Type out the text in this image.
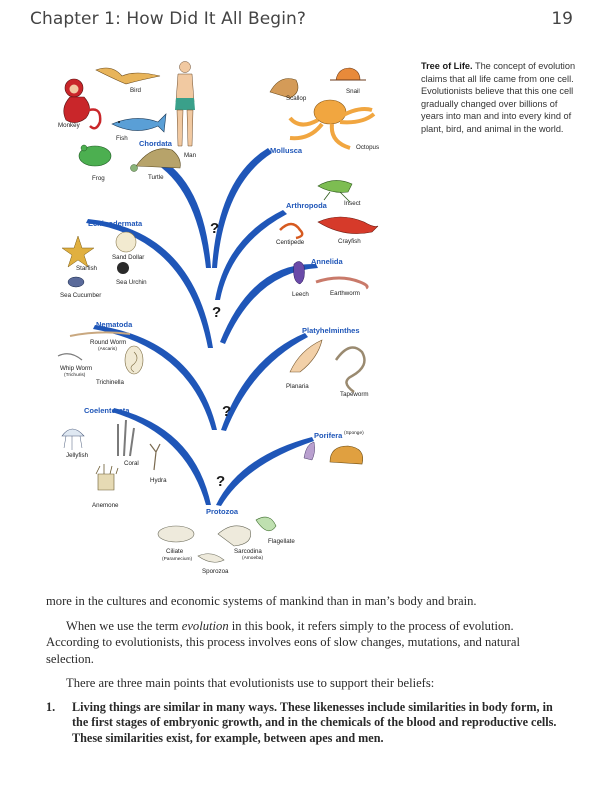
Chapter 1: How Did It All Begin?	19
Tree of Life. The concept of evolution claims that all life came from one cell. Evolutionists believe that this one cell gradually changed over billions of years into man and into every kind of plant, bird, and animal in the world.
?
?
?
?
Bird
Monkey
Fish
Man
Frog	Turtle
Chordata
Scallop
Snail
Octopus
Mollusca
Insect
Arthropoda
Centipede	Crayfish
Echinodermata
Sand Dollar
Starfish
Sea Urchin
Sea Cucumber
Annelida
Leech	Earthworm
Nematoda
Round Worm
(Ascaris)
Whip Worm
(Trichuris)
Trichinella
Platyhelminthes
Planaria
Tapeworm
Coelenterata
Jellyfish
Coral
Hydra
Anemone
Porifera (Sponge)
Protozoa
Ciliate
(Paramecium)
Sarcodina
(Amoeba)
Flagellate
Sporozoa

more in the cultures and economic systems of mankind than in man’s body and brain.

When we use the term evolution in this book, it refers simply to the process of evolution. According to evolutionists, this process involves eons of slow changes, mutations, and natural selection.

There are three main points that evolutionists use to support their beliefs:

1.	Living things are similar in many ways. These likenesses include similarities in body form, in the first stages of embryonic growth, and in the chemicals of the blood and reproductive cells. These similarities exist, for example, between apes and men.
